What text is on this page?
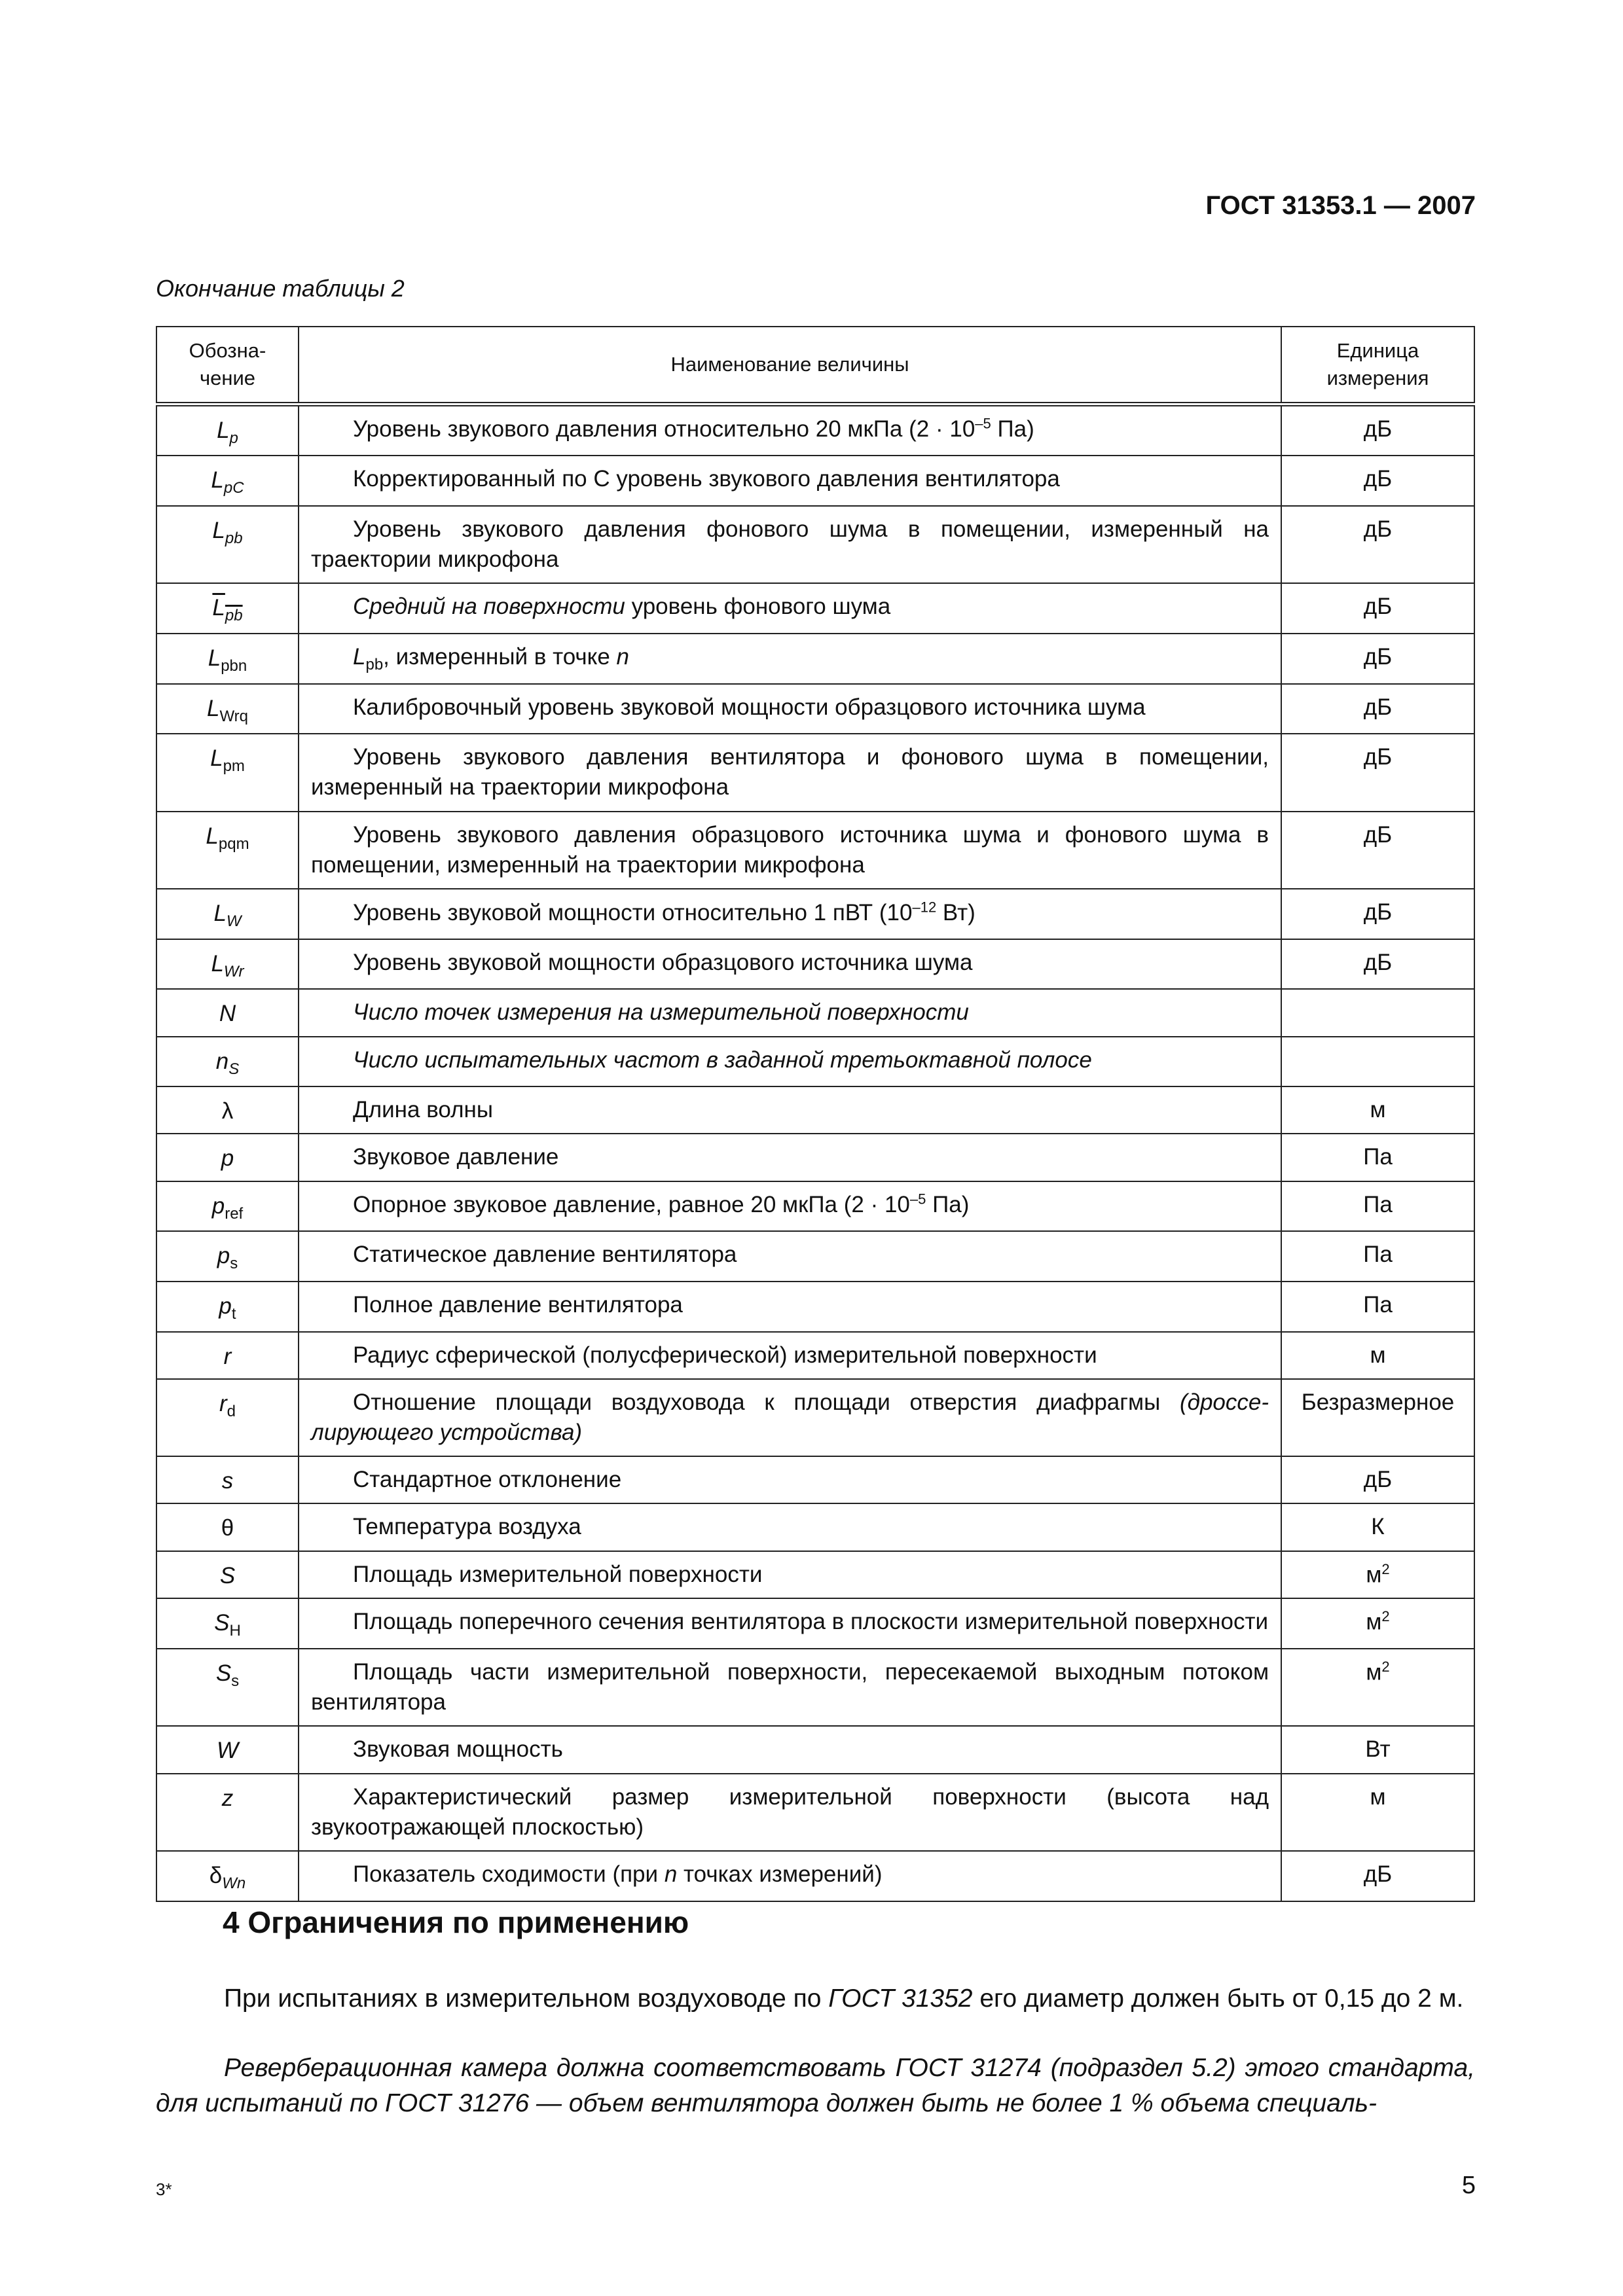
ГОСТ 31353.1 — 2007
Окончание таблицы 2
Обозна-
чение	Наименование величины	Единица
измерения
$L_p$	Уровень звукового давления относительно 20 мкПа ($2 \cdot 10^{-5}$ Па)	дБ
$L_{pC}$	Корректированный по С уровень звукового давления вентилятора	дБ
$L_{pb}$	Уровень звукового давления фонового шума в помещении, измеренный на траектории микрофона	дБ
$L_{pb}$	Средний на поверхности уровень фонового шума	дБ
$L_{pbn}$	$L_{pb}$, измеренный в точке n	дБ
$L_{Wrq}$	Калибровочный уровень звуковой мощности образцового источника шума	дБ
$L_{pm}$	Уровень звукового давления вентилятора и фонового шума в помещении, измеренный на траектории микрофона	дБ
$L_{pqm}$	Уровень звукового давления образцового источника шума и фонового шума в помещении, измеренный на траектории микрофона	дБ
$L_W$	Уровень звуковой мощности относительно 1 пВТ ($10^{-12}$ Вт)	дБ
$L_{Wr}$	Уровень звуковой мощности образцового источника шума	дБ
N	Число точек измерения на измерительной поверхности	
$n_S$	Число испытательных частот в заданной третьоктавной полосе	
λ	Длина волны	м
p	Звуковое давление	Па
$p_{ref}$	Опорное звуковое давление, равное 20 мкПа ($2 \cdot 10^{-5}$ Па)	Па
$p_s$	Статическое давление вентилятора	Па
$p_t$	Полное давление вентилятора	Па
r	Радиус сферической (полусферической) измерительной поверхности	м
$r_d$	Отношение площади воздуховода к площади отверстия диафрагмы (дроссе-лирующего устройства)	Безразмерное
s	Стандартное отклонение	дБ
θ	Температура воздуха	К
S	Площадь измерительной поверхности	$м^2$
$S_H$	Площадь поперечного сечения вентилятора в плоскости измерительной поверхности	$м^2$
$S_s$	Площадь части измерительной поверхности, пересекаемой выходным потоком вентилятора	$м^2$
W	Звуковая мощность	Вт
z	Характеристический размер измерительной поверхности (высота над звукоотражающей плоскостью)	м
$\delta_{Wn}$	Показатель сходимости (при n точках измерений)	дБ
4 Ограничения по применению
При испытаниях в измерительном воздуховоде по ГОСТ 31352 его диаметр должен быть от 0,15 до 2 м.
Реверберационная камера должна соответствовать ГОСТ 31274 (подраздел 5.2) этого стандарта, для испытаний по ГОСТ 31276 — объем вентилятора должен быть не более 1 % объема специаль-
3*	5
